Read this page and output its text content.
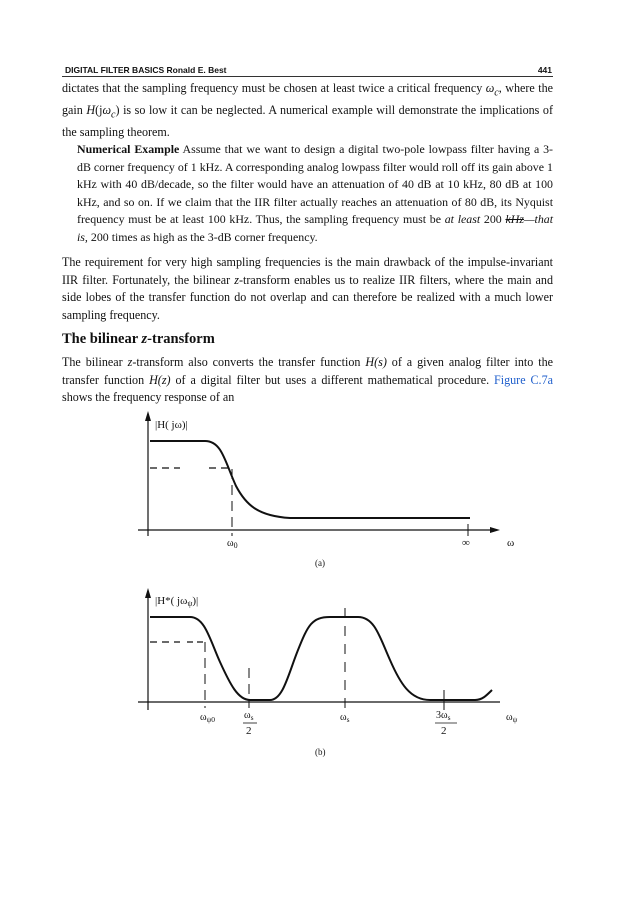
DIGITAL FILTER BASICS Ronald E. Best	441

dictates that the sampling frequency must be chosen at least twice a critical frequency $\omega_c$, where the gain $H(j\omega_c)$ is so low it can be neglected. A numerical example will demonstrate the implications of the sampling theorem.

Numerical Example Assume that we want to design a digital two-pole lowpass filter having a 3-dB corner frequency of 1 kHz. A corresponding analog lowpass filter would roll off its gain above 1 kHz with 40 dB/decade, so the filter would have an attenuation of 40 dB at 10 kHz, 80 dB at 100 kHz, and so on. If we claim that the IIR filter actually reaches an attenuation of 80 dB, its Nyquist frequency must be at least 100 kHz. Thus, the sampling frequency must be at least 200 kHz—that is, 200 times as high as the 3-dB corner frequency.

The requirement for very high sampling frequencies is the main drawback of the impulse-invariant IIR filter. Fortunately, the bilinear z-transform enables us to realize IIR filters, where the main and side lobes of the transfer function do not overlap and can therefore be realized with a much lower sampling frequency.

The bilinear z-transform

The bilinear z-transform also converts the transfer function H(s) of a given analog filter into the transfer function H(z) of a digital filter but uses a different mathematical procedure. Figure C.7a shows the frequency response of an

|H( jω)|
$\omega_0$	∞	ω
(a)
|H*( jωψ)|
$\omega_{\psi 0}$	$\omega_s$
2
$\omega_s$	$3\omega_s$
2
$\omega_\psi$
(b)
